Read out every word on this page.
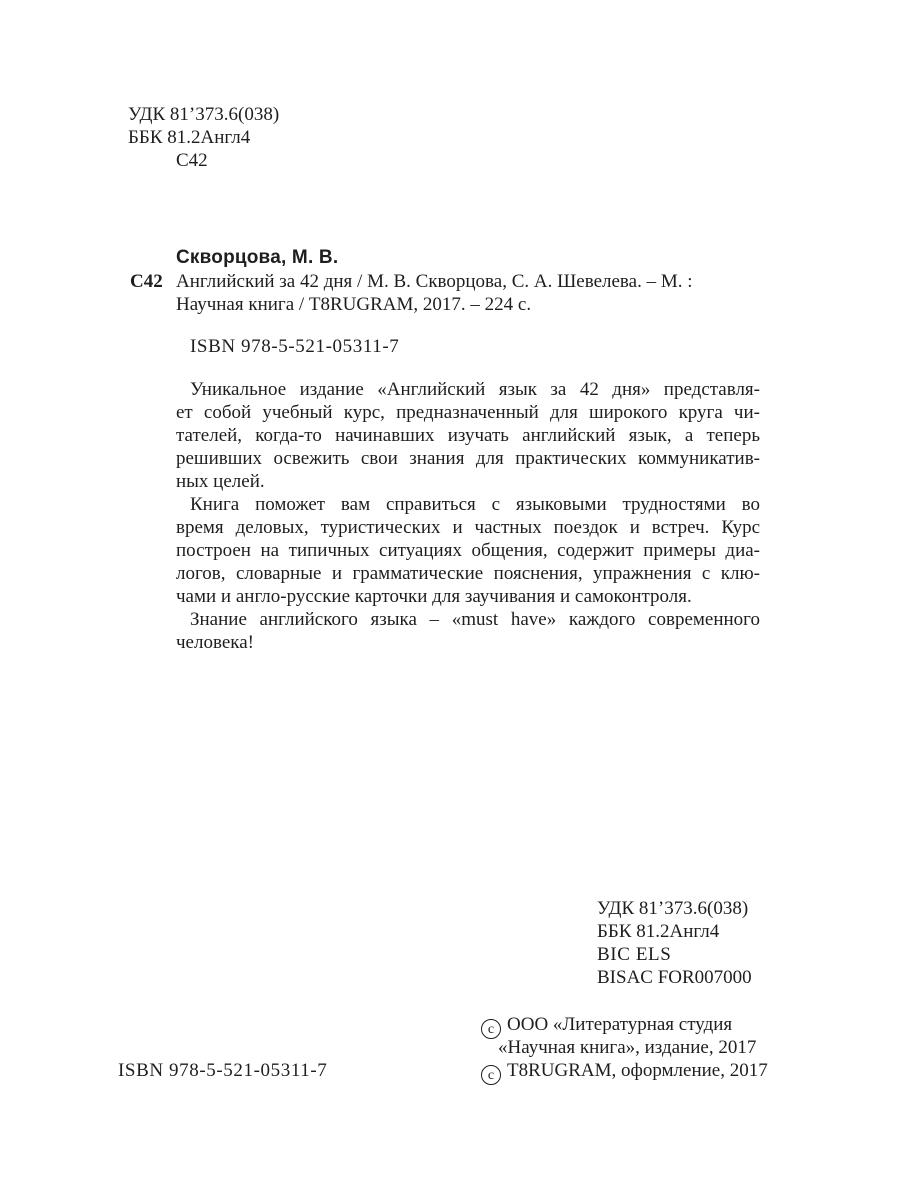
УДК 81’373.6(038)
ББК 81.2Англ4
С42
Скворцова, М. В.
С42 Английский за 42 дня / М. В. Скворцова, С. А. Шевелева. – М. :
Научная книга / T8RUGRAM, 2017. – 224 с.
ISBN 978-5-521-05311-7
Уникальное издание «Английский язык за 42 дня» представля-
ет собой учебный курс, предназначенный для широкого круга чи-
тателей, когда-то начинавших изучать английский язык, а теперь
решивших освежить свои знания для практических коммуникатив-
ных целей.
Книга поможет вам справиться с языковыми трудностями во
время деловых, туристических и частных поездок и встреч. Курс
построен на типичных ситуациях общения, содержит примеры диа-
логов, словарные и грамматические пояснения, упражнения с клю-
чами и англо-русские карточки для заучивания и самоконтроля.
Знание английского языка – «must have» каждого современного
человека!
УДК 81’373.6(038)
ББК 81.2Англ4
BIC ELS
BISAC FOR007000
c ООО «Литературная студия
«Научная книга», издание, 2017
c T8RUGRAM, оформление, 2017
ISBN 978-5-521-05311-7
